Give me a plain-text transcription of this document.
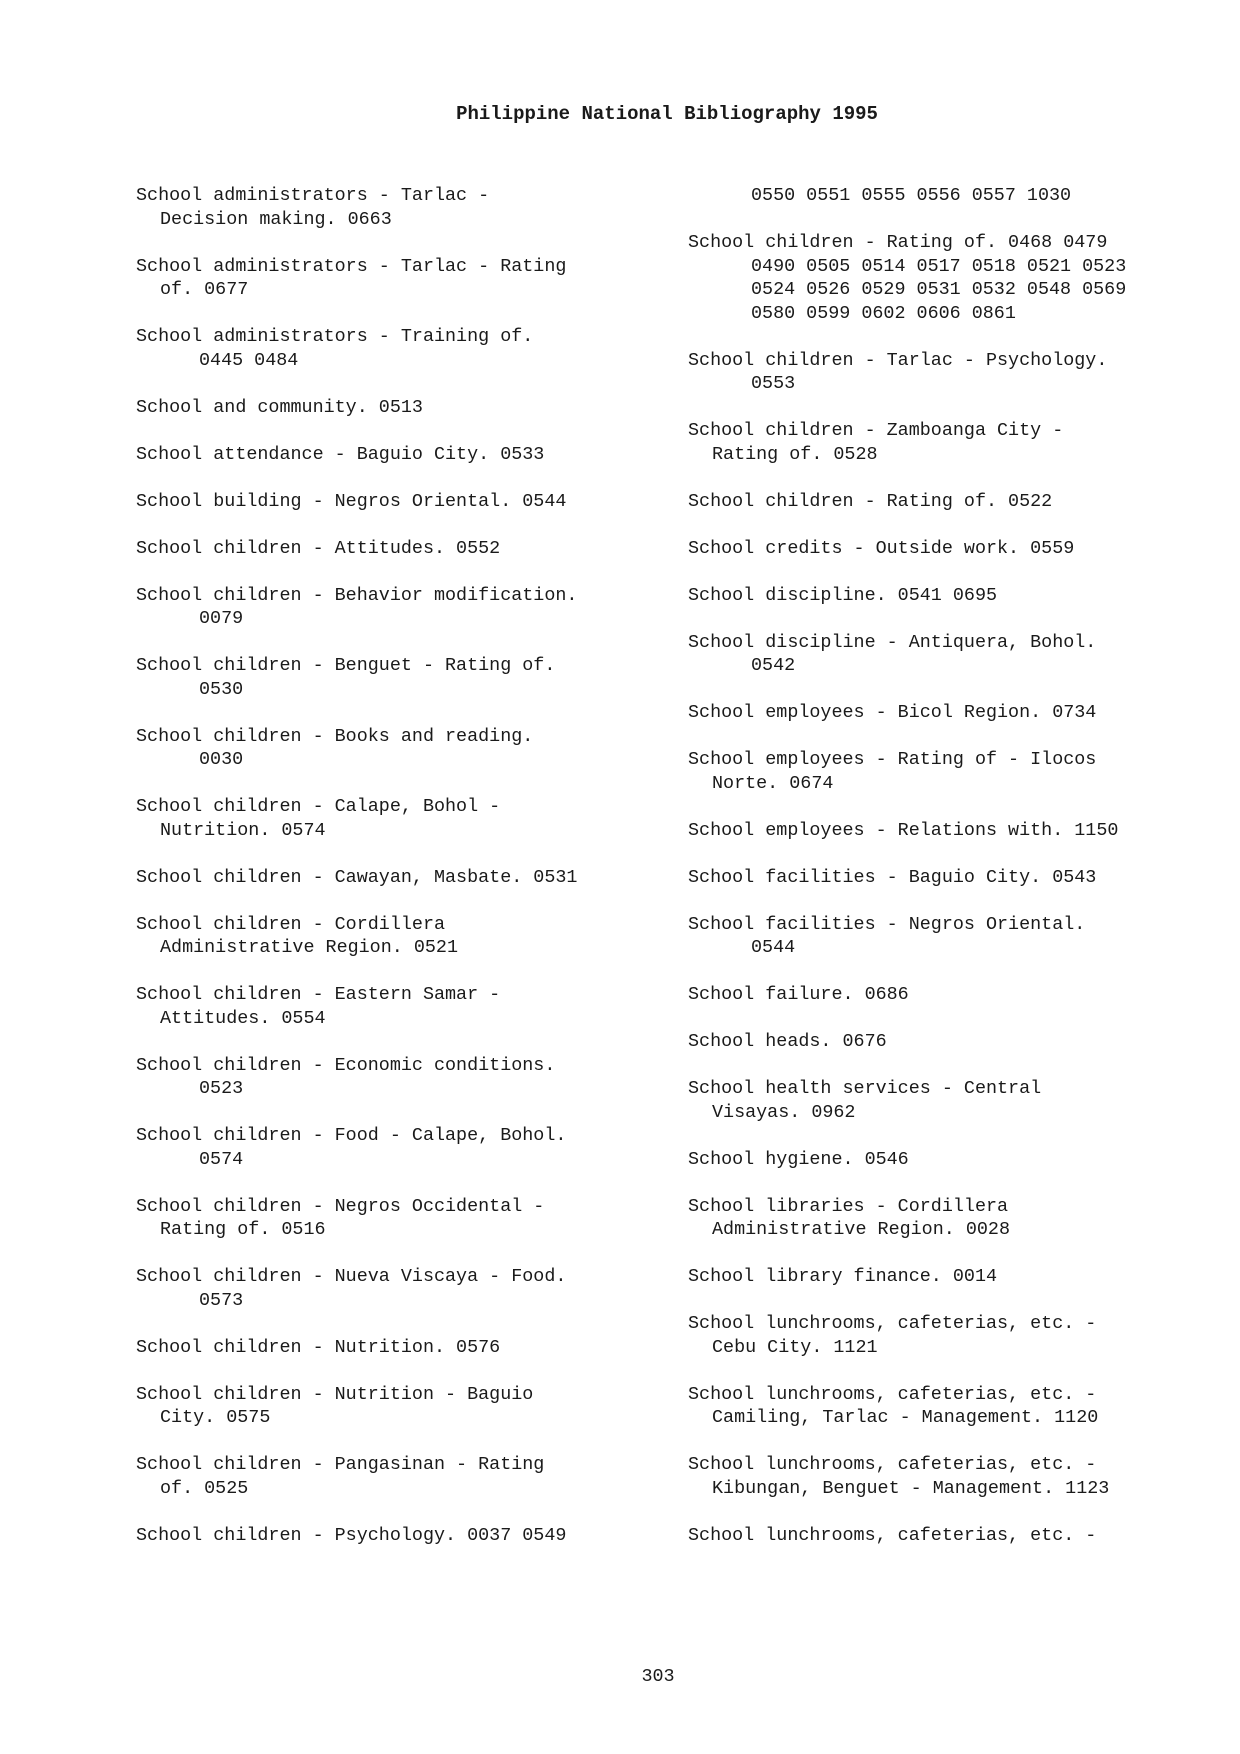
Philippine National Bibliography 1995
School administrators - Tarlac -
Decision making. 0663
School administrators - Tarlac - Rating
of. 0677
School administrators - Training of.
0445 0484
School and community. 0513
School attendance - Baguio City. 0533
School building - Negros Oriental. 0544
School children - Attitudes. 0552
School children - Behavior modification.
0079
School children - Benguet - Rating of.
0530
School children - Books and reading.
0030
School children - Calape, Bohol -
Nutrition. 0574
School children - Cawayan, Masbate. 0531
School children - Cordillera
Administrative Region. 0521
School children - Eastern Samar -
Attitudes. 0554
School children - Economic conditions.
0523
School children - Food - Calape, Bohol.
0574
School children - Negros Occidental -
Rating of. 0516
School children - Nueva Viscaya - Food.
0573
School children - Nutrition. 0576
School children - Nutrition - Baguio
City. 0575
School children - Pangasinan - Rating
of. 0525
School children - Psychology. 0037 0549
0550 0551 0555 0556 0557 1030
School children - Rating of. 0468 0479
0490 0505 0514 0517 0518 0521 0523
0524 0526 0529 0531 0532 0548 0569
0580 0599 0602 0606 0861
School children - Tarlac - Psychology.
0553
School children - Zamboanga City -
Rating of. 0528
School children - Rating of. 0522
School credits - Outside work. 0559
School discipline. 0541 0695
School discipline - Antiquera, Bohol.
0542
School employees - Bicol Region. 0734
School employees - Rating of - Ilocos
Norte. 0674
School employees - Relations with. 1150
School facilities - Baguio City. 0543
School facilities - Negros Oriental.
0544
School failure. 0686
School heads. 0676
School health services - Central
Visayas. 0962
School hygiene. 0546
School libraries - Cordillera
Administrative Region. 0028
School library finance. 0014
School lunchrooms, cafeterias, etc. -
Cebu City. 1121
School lunchrooms, cafeterias, etc. -
Camiling, Tarlac - Management. 1120
School lunchrooms, cafeterias, etc. -
Kibungan, Benguet - Management. 1123
School lunchrooms, cafeterias, etc. -
303
